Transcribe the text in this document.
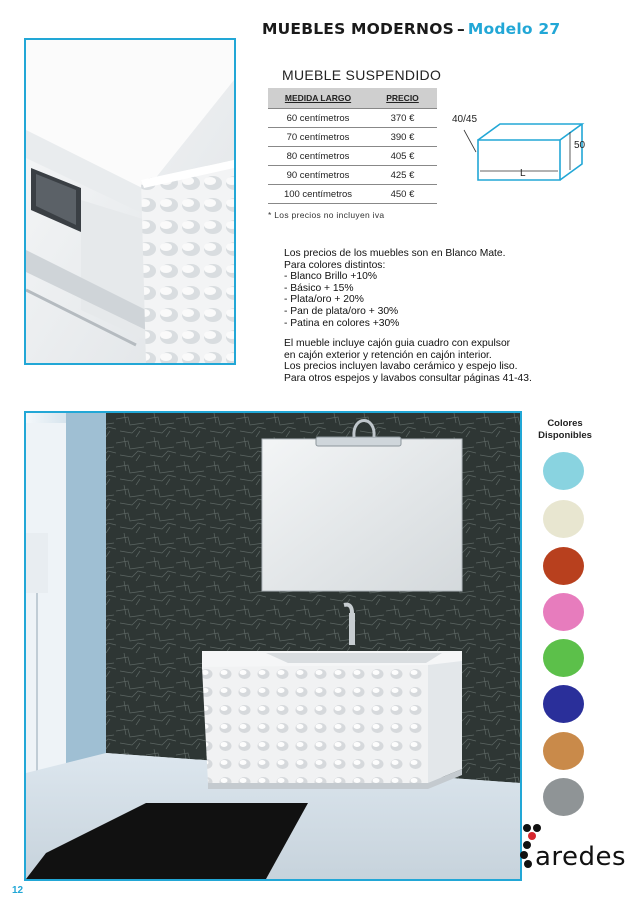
MUEBLES MODERNOS – Modelo 27
MUEBLE SUSPENDIDO
MEDIDA LARGO	PRECIO
60 centímetros	370 €
70 centímetros	390 €
80 centímetros	405 €
90 centímetros	425 €
100 centímetros	450 €
* Los precios no incluyen iva
40/45
50
L
Los precios de los muebles son en Blanco Mate.
Para colores distintos:
- Blanco Brillo +10%
- Básico + 15%
- Plata/oro + 20%
- Pan de plata/oro + 30%
- Patina en colores +30%
El mueble incluye cajón guia cuadro con expulsor
en cajón exterior y retención en cajón interior.
Los precios incluyen lavabo cerámico y espejo liso.
Para otros espejos y lavabos consultar páginas 41-43.
Colores
Disponibles
aredes
12
